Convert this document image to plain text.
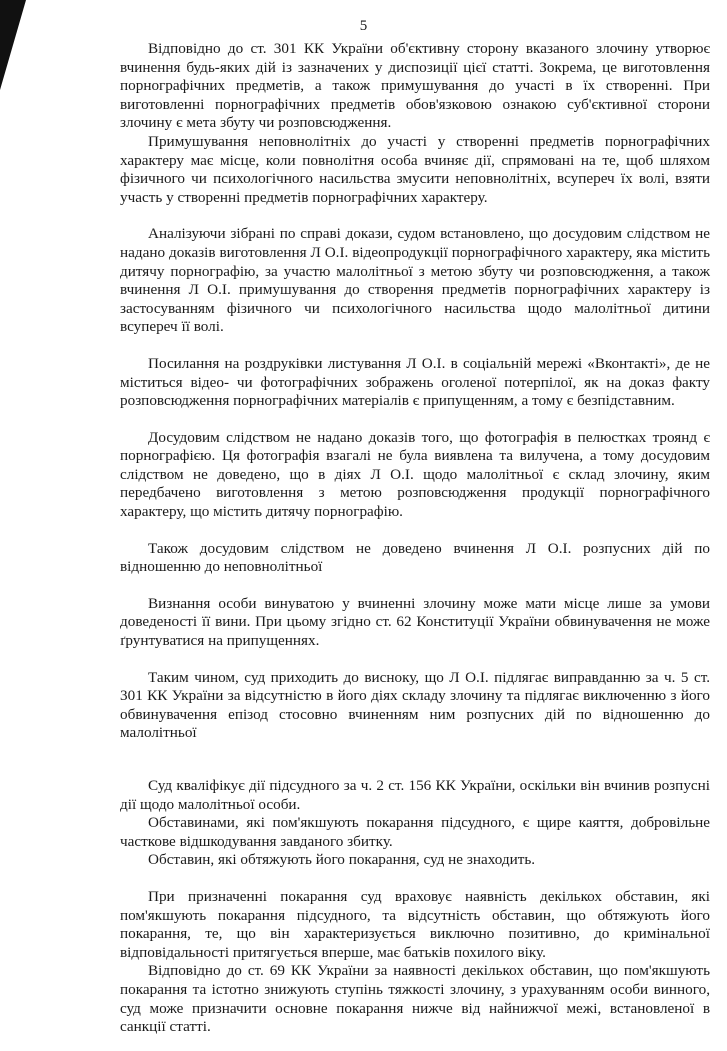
5

Відповідно до ст. 301 КК України об'єктивну сторону вказаного злочину утворює вчинення будь-яких дій із зазначених у диспозиції цієї статті. Зокрема, це виготовлення порнографічних предметів, а також примушування до участі в їх створенні. При виготовленні порнографічних предметів обов'язковою ознакою суб'єктивної сторони злочину є мета збуту чи розповсюдження.

Примушування неповнолітніх до участі у створенні предметів порнографічних характеру має місце, коли повнолітня особа вчиняє дії, спрямовані на те, щоб шляхом фізичного чи психологічного насильства змусити неповнолітніх, всупереч їх волі, взяти участь у створенні предметів порнографічних характеру.

Аналізуючи зібрані по справі докази, судом встановлено, що досудовим слідством не надано доказів виготовлення Л О.І. відеопродукції порнографічного характеру, яка містить дитячу порнографію, за участю малолітньої з метою збуту чи розповсюдження, а також вчинення Л О.І. примушування до створення предметів порнографічних характеру із застосуванням фізичного чи психологічного насильства щодо малолітньої дитини всупереч її волі.

Посилання на роздруківки листування Л О.І. в соціальній мережі «Вконтакті», де не міститься відео- чи фотографічних зображень оголеної потерпілої, як на доказ факту розповсюдження порнографічних матеріалів є припущенням, а тому є безпідставним.

Досудовим слідством не надано доказів того, що фотографія в пелюстках троянд є порнографією. Ця фотографія взагалі не була виявлена та вилучена, а тому досудовим слідством не доведено, що в діях Л О.І. щодо малолітньої є склад злочину, яким передбачено виготовлення з метою розповсюдження продукції порнографічного характеру, що містить дитячу порнографію.

Також досудовим слідством не доведено вчинення Л О.І. розпусних дій по відношенню до неповнолітньої

Визнання особи винуватою у вчиненні злочину може мати місце лише за умови доведеності її вини. При цьому згідно ст. 62 Конституції України обвинувачення не може ґрунтуватися на припущеннях.

Таким чином, суд приходить до висноку, що Л О.І. підлягає виправданню за ч. 5 ст. 301 КК України за відсутністю в його діях складу злочину та підлягає виключенню з його обвинувачення епізод стосовно вчиненням ним розпусних дій по відношенню до малолітньої

Суд кваліфікує дії підсудного за ч. 2 ст. 156 КК України, оскільки він вчинив розпусні дії щодо малолітньої особи.

Обставинами, які пом'якшують покарання підсудного, є щире каяття, добровільне часткове відшкодування завданого збитку.

Обставин, які обтяжують його покарання, суд не знаходить.

При призначенні покарання суд враховує наявність декількох обставин, які пом'якшують покарання підсудного, та відсутність обставин, що обтяжують його покарання, те, що він характеризується виключно позитивно, до кримінальної відповідальності притягується вперше, має батьків похилого віку.

Відповідно до ст. 69 КК України за наявності декількох обставин, що пом'якшують покарання та істотно знижують ступінь тяжкості злочину, з урахуванням особи винного, суд може призначити основне покарання нижче від найнижчої межі, встановленої в санкції статті.
